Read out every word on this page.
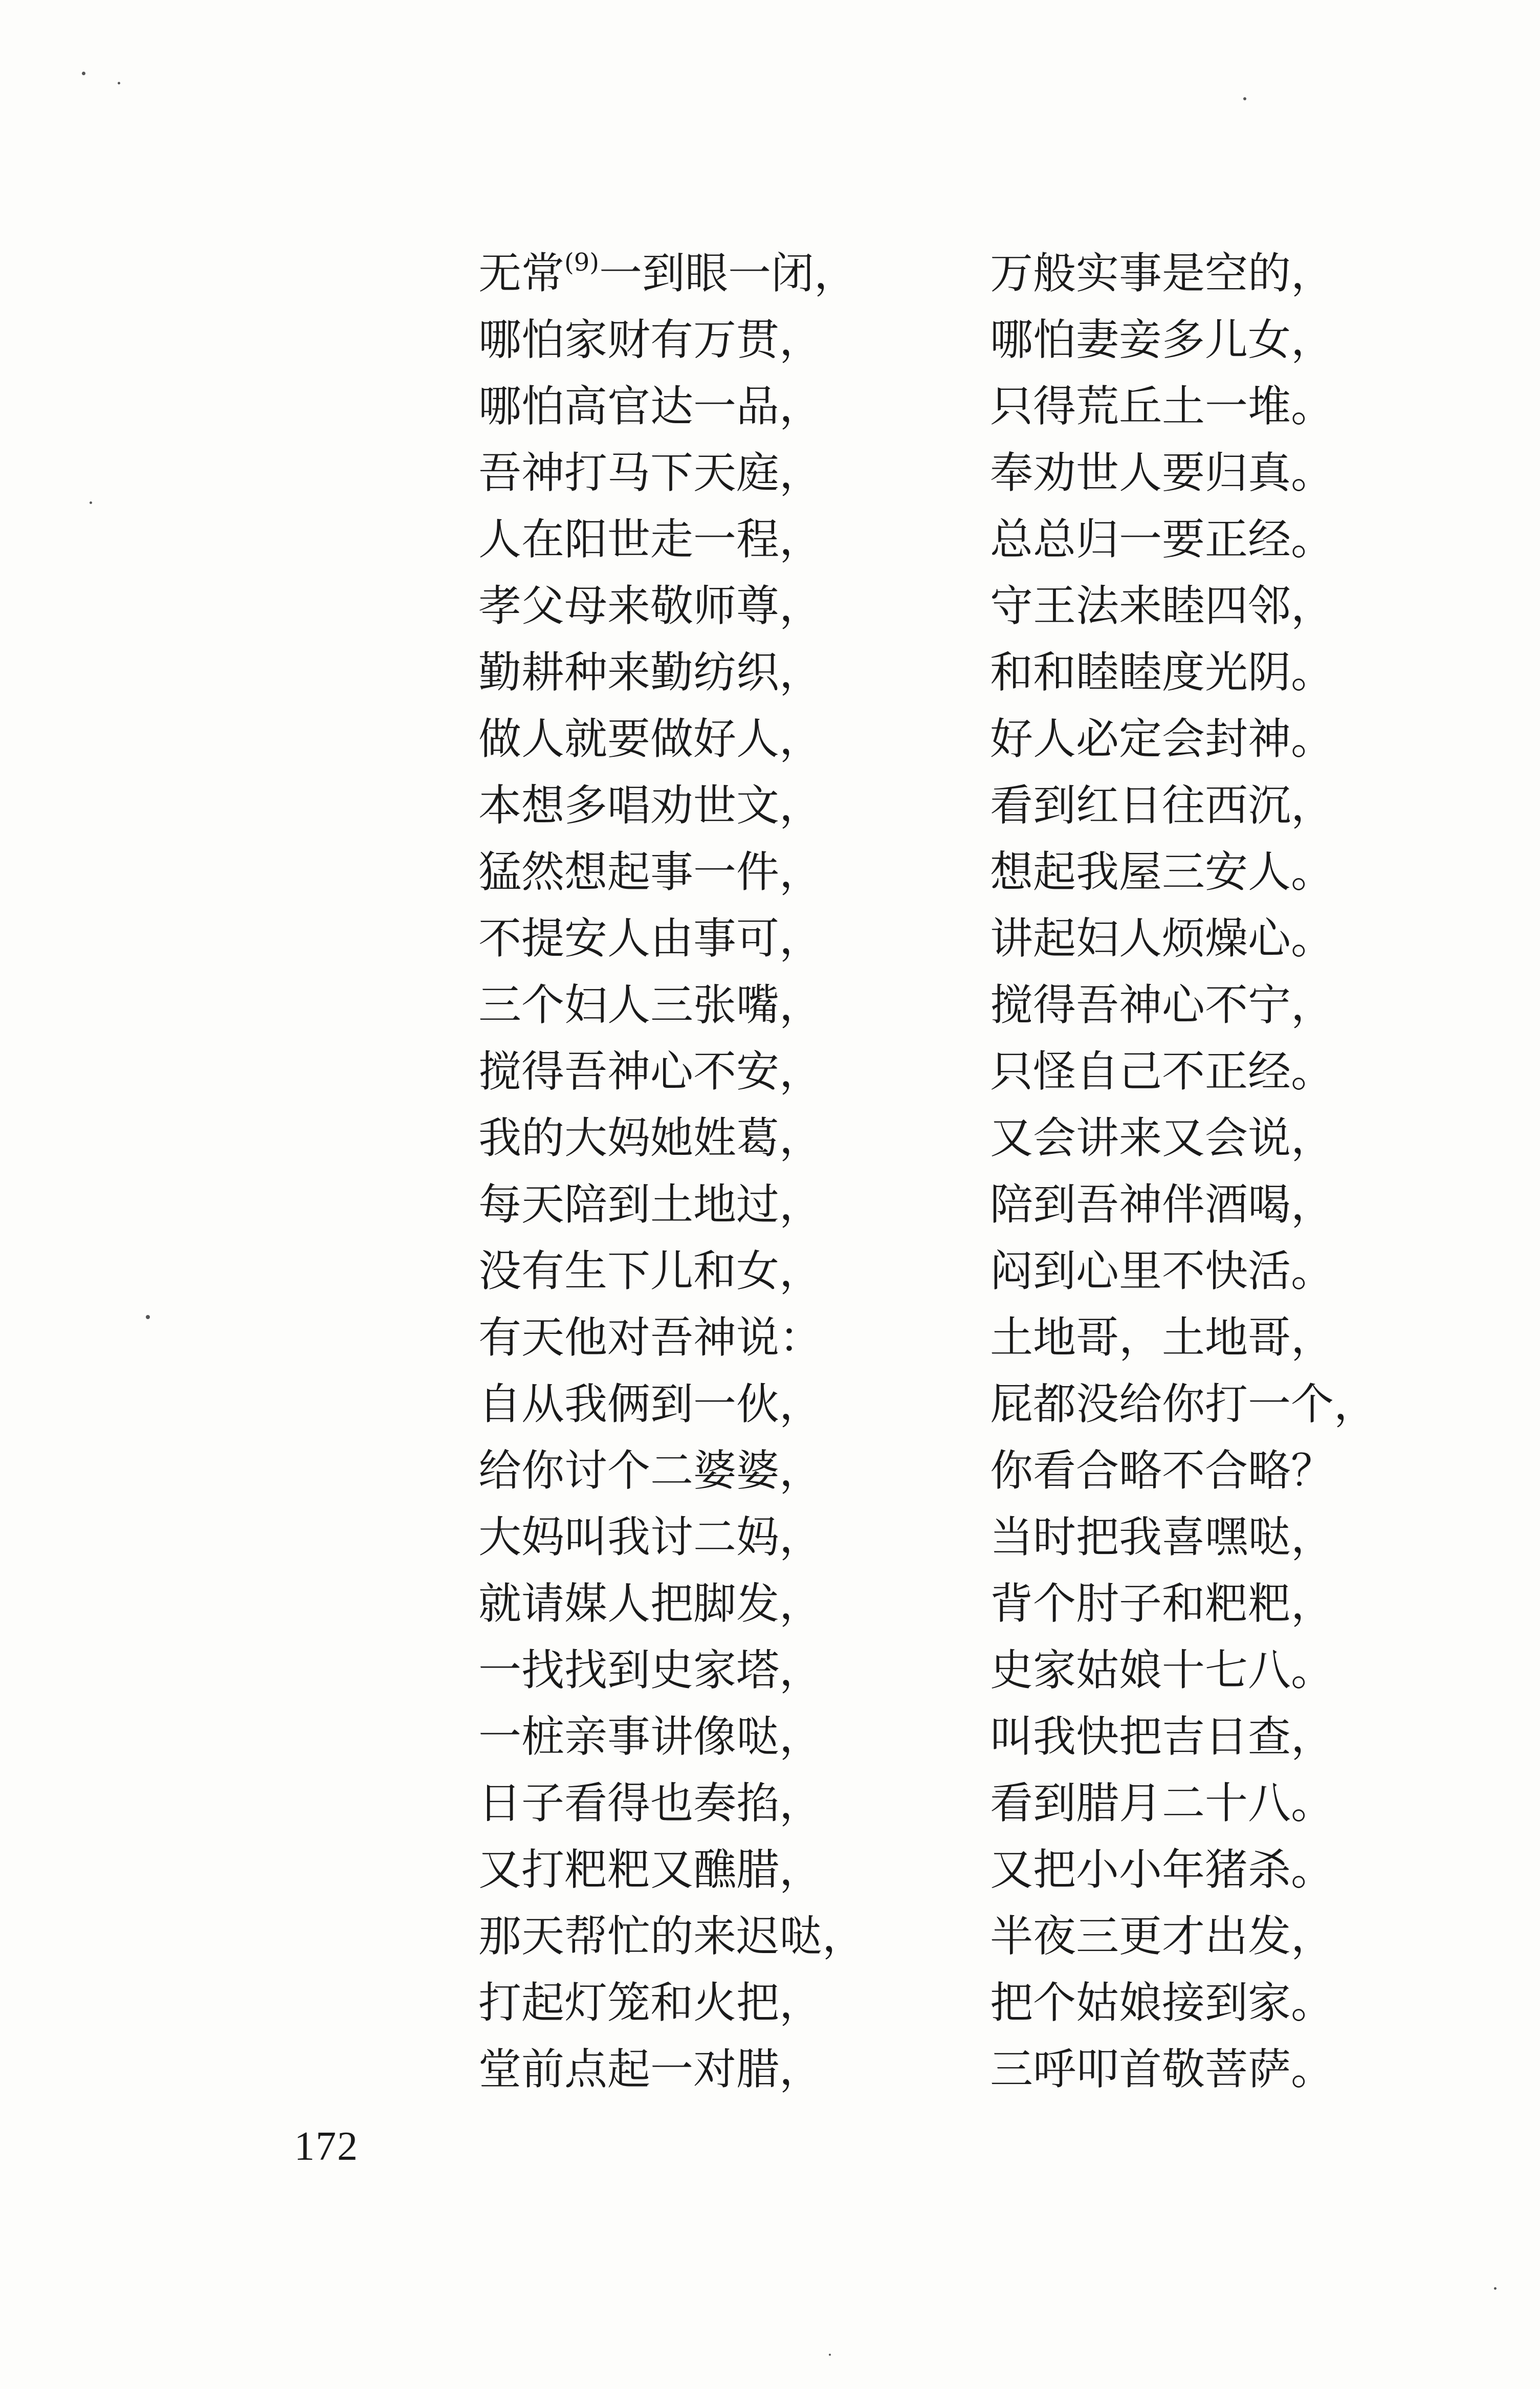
无常$^{(9)}$一到眼一闭，	万般实事是空的，
哪怕家财有万贯，	哪怕妻妾多儿女，
哪怕高官达一品，	只得荒丘土一堆。
吾神打马下天庭，	奉劝世人要归真。
人在阳世走一程，	总总归一要正经。
孝父母来敬师尊，	守王法来睦四邻，
勤耕种来勤纺织，	和和睦睦度光阴。
做人就要做好人，	好人必定会封神。
本想多唱劝世文，	看到红日往西沉，
猛然想起事一件，	想起我屋三安人。
不提安人由事可，	讲起妇人烦燥心。
三个妇人三张嘴，	搅得吾神心不宁，
搅得吾神心不安，	只怪自己不正经。
我的大妈她姓葛，	又会讲来又会说，
每天陪到土地过，	陪到吾神伴酒喝，
没有生下儿和女，	闷到心里不快活。
有天他对吾神说：	土地哥，土地哥，
自从我俩到一伙，	屁都没给你打一个，
给你讨个二婆婆，	你看合略不合略？
大妈叫我讨二妈，	当时把我喜嘿哒，
就请媒人把脚发，	背个肘子和粑粑，
一找找到史家塔，	史家姑娘十七八。
一桩亲事讲像哒，	叫我快把吉日查，
日子看得也奏掐，	看到腊月二十八。
又打粑粑又醮腊，	又把小小年猪杀。
那天帮忙的来迟哒，	半夜三更才出发，
打起灯笼和火把，	把个姑娘接到家。
堂前点起一对腊，	三呼叩首敬菩萨。
172
